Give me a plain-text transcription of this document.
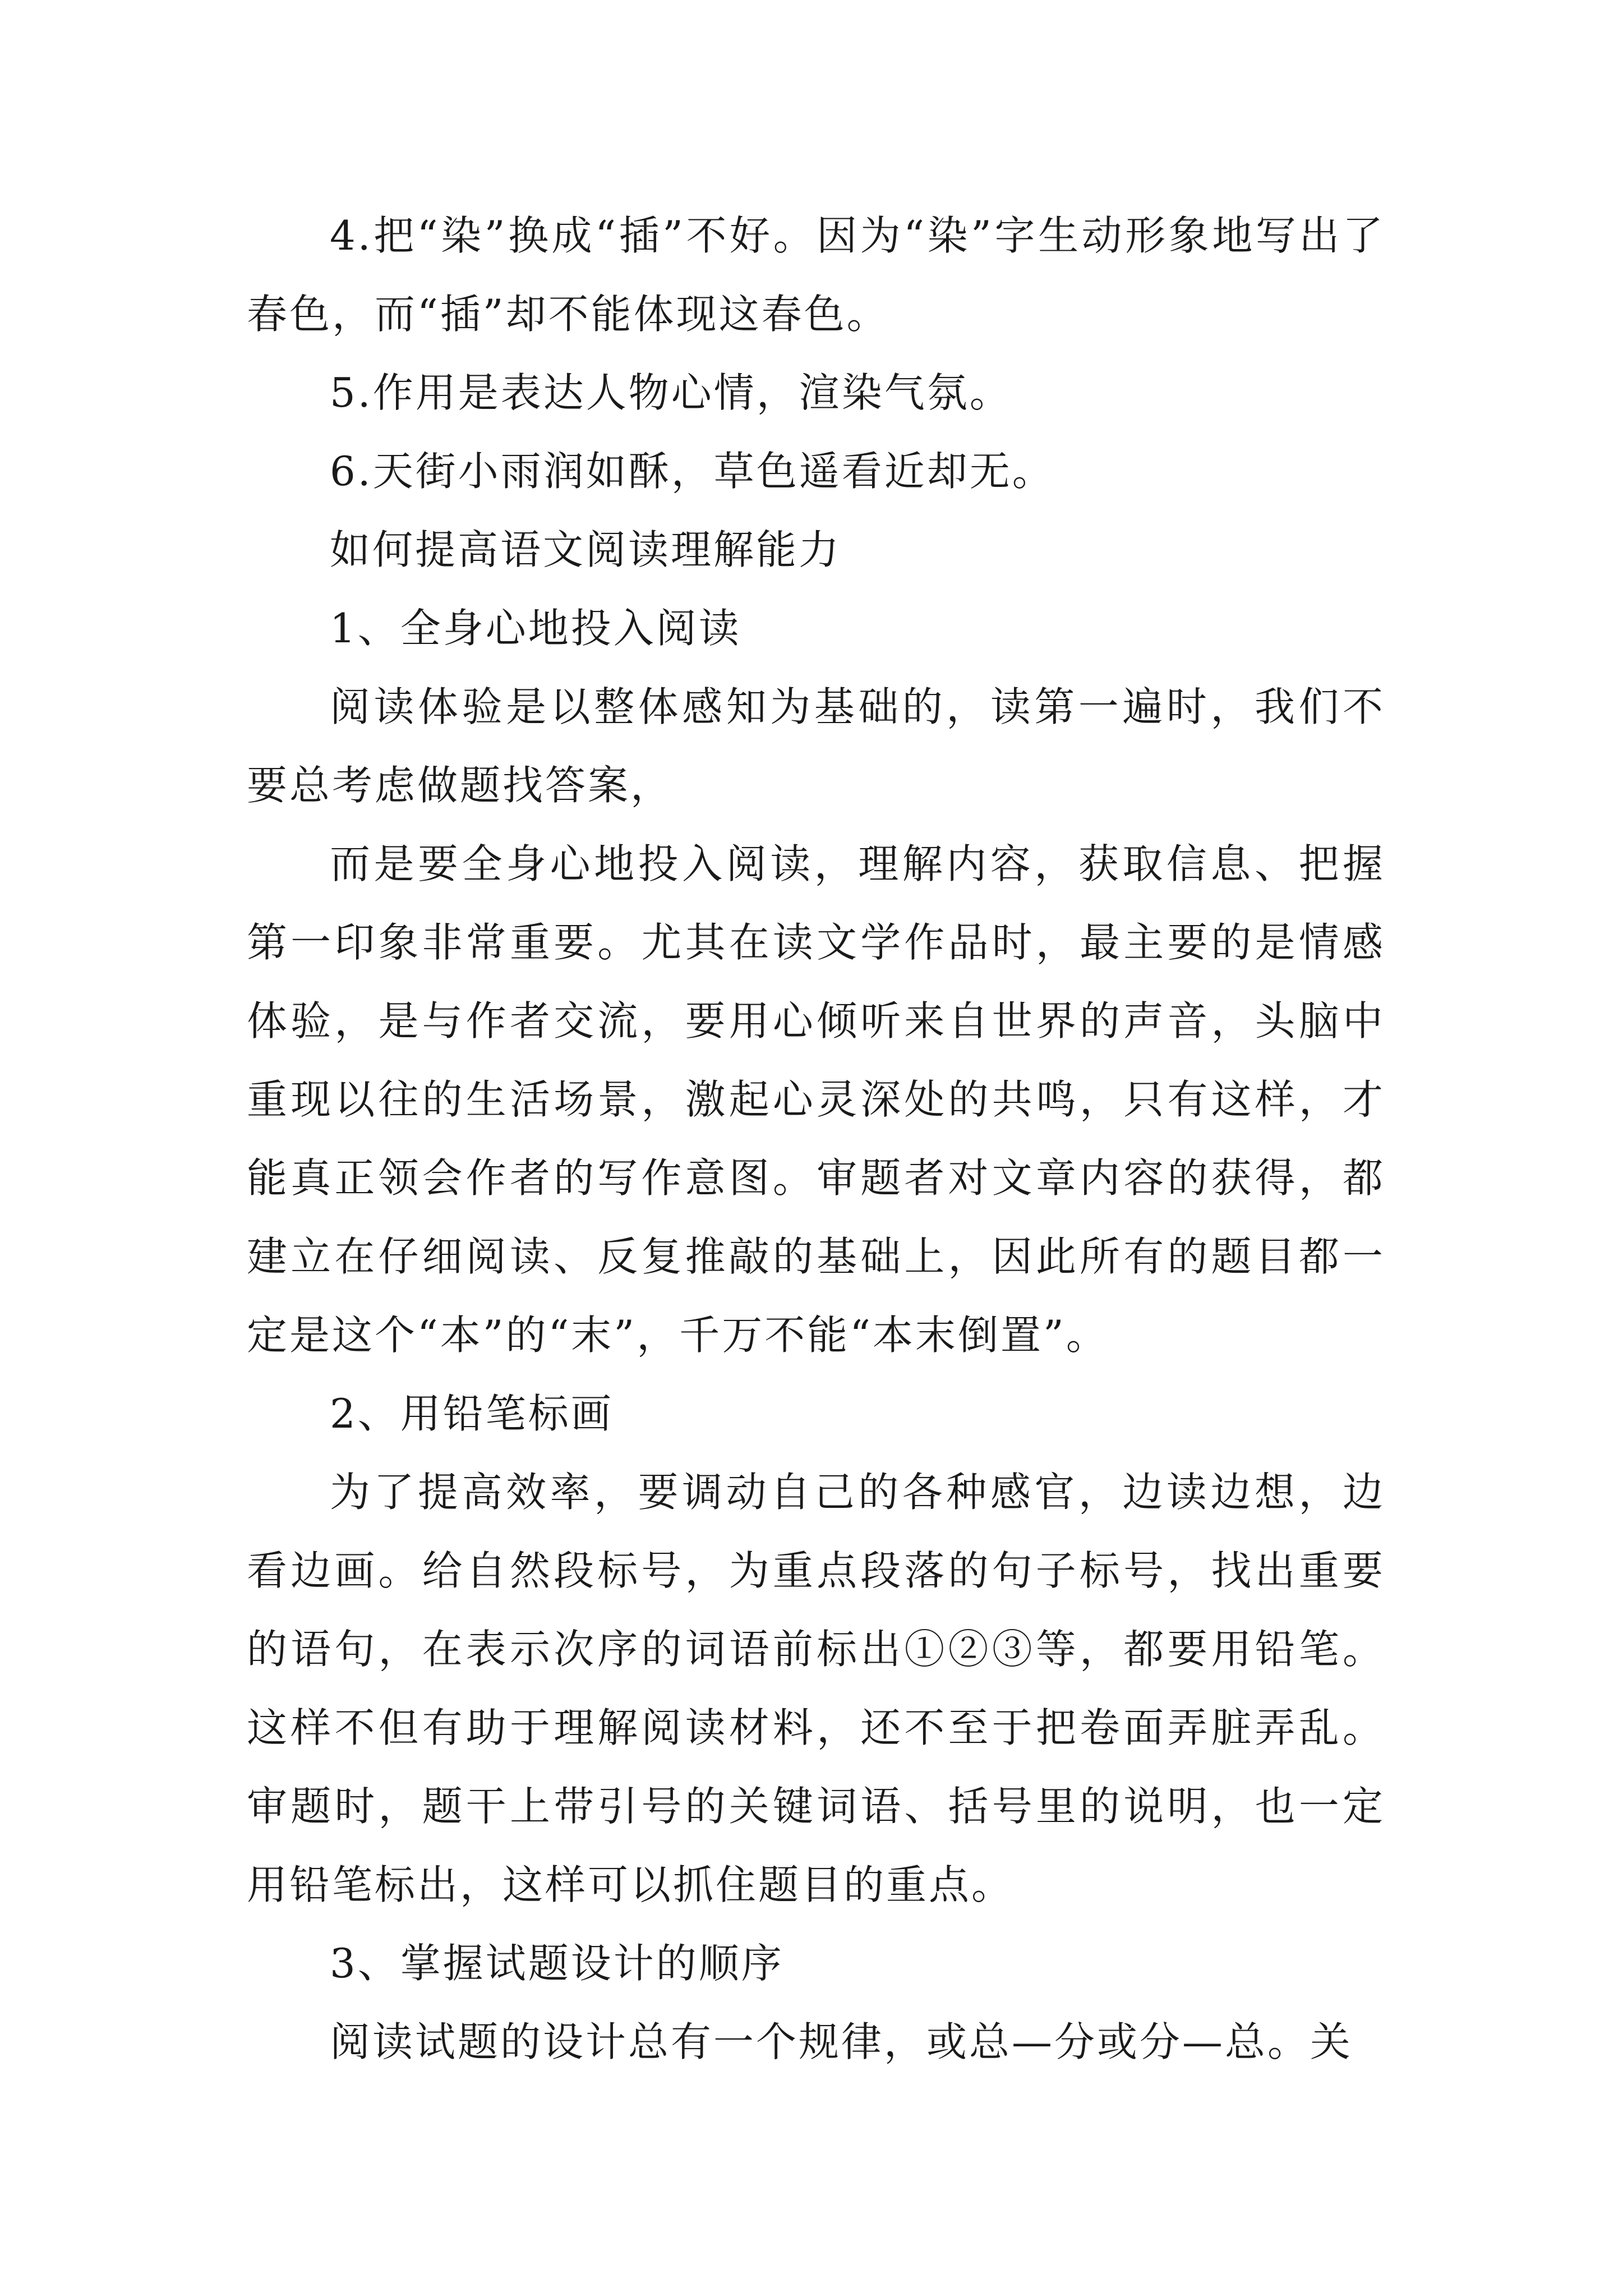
4.把“染”换成“插”不好。因为“染”字生动形象地写出了春色，而“插”却不能体现这春色。

5.作用是表达人物心情，渲染气氛。

6.天街小雨润如酥，草色遥看近却无。

如何提高语文阅读理解能力

1、全身心地投入阅读

阅读体验是以整体感知为基础的，读第一遍时，我们不要总考虑做题找答案，

而是要全身心地投入阅读，理解内容，获取信息、把握第一印象非常重要。尤其在读文学作品时，最主要的是情感体验，是与作者交流，要用心倾听来自世界的声音，头脑中重现以往的生活场景，激起心灵深处的共鸣，只有这样，才能真正领会作者的写作意图。审题者对文章内容的获得，都建立在仔细阅读、反复推敲的基础上，因此所有的题目都一定是这个“本”的“末”，千万不能“本末倒置”。

2、用铅笔标画

为了提高效率，要调动自己的各种感官，边读边想，边看边画。给自然段标号，为重点段落的句子标号，找出重要的语句，在表示次序的词语前标出①②③等，都要用铅笔。这样不但有助于理解阅读材料，还不至于把卷面弄脏弄乱。审题时，题干上带引号的关键词语、括号里的说明，也一定用铅笔标出，这样可以抓住题目的重点。

3、掌握试题设计的顺序

阅读试题的设计总有一个规律，或总—分或分—总。关
